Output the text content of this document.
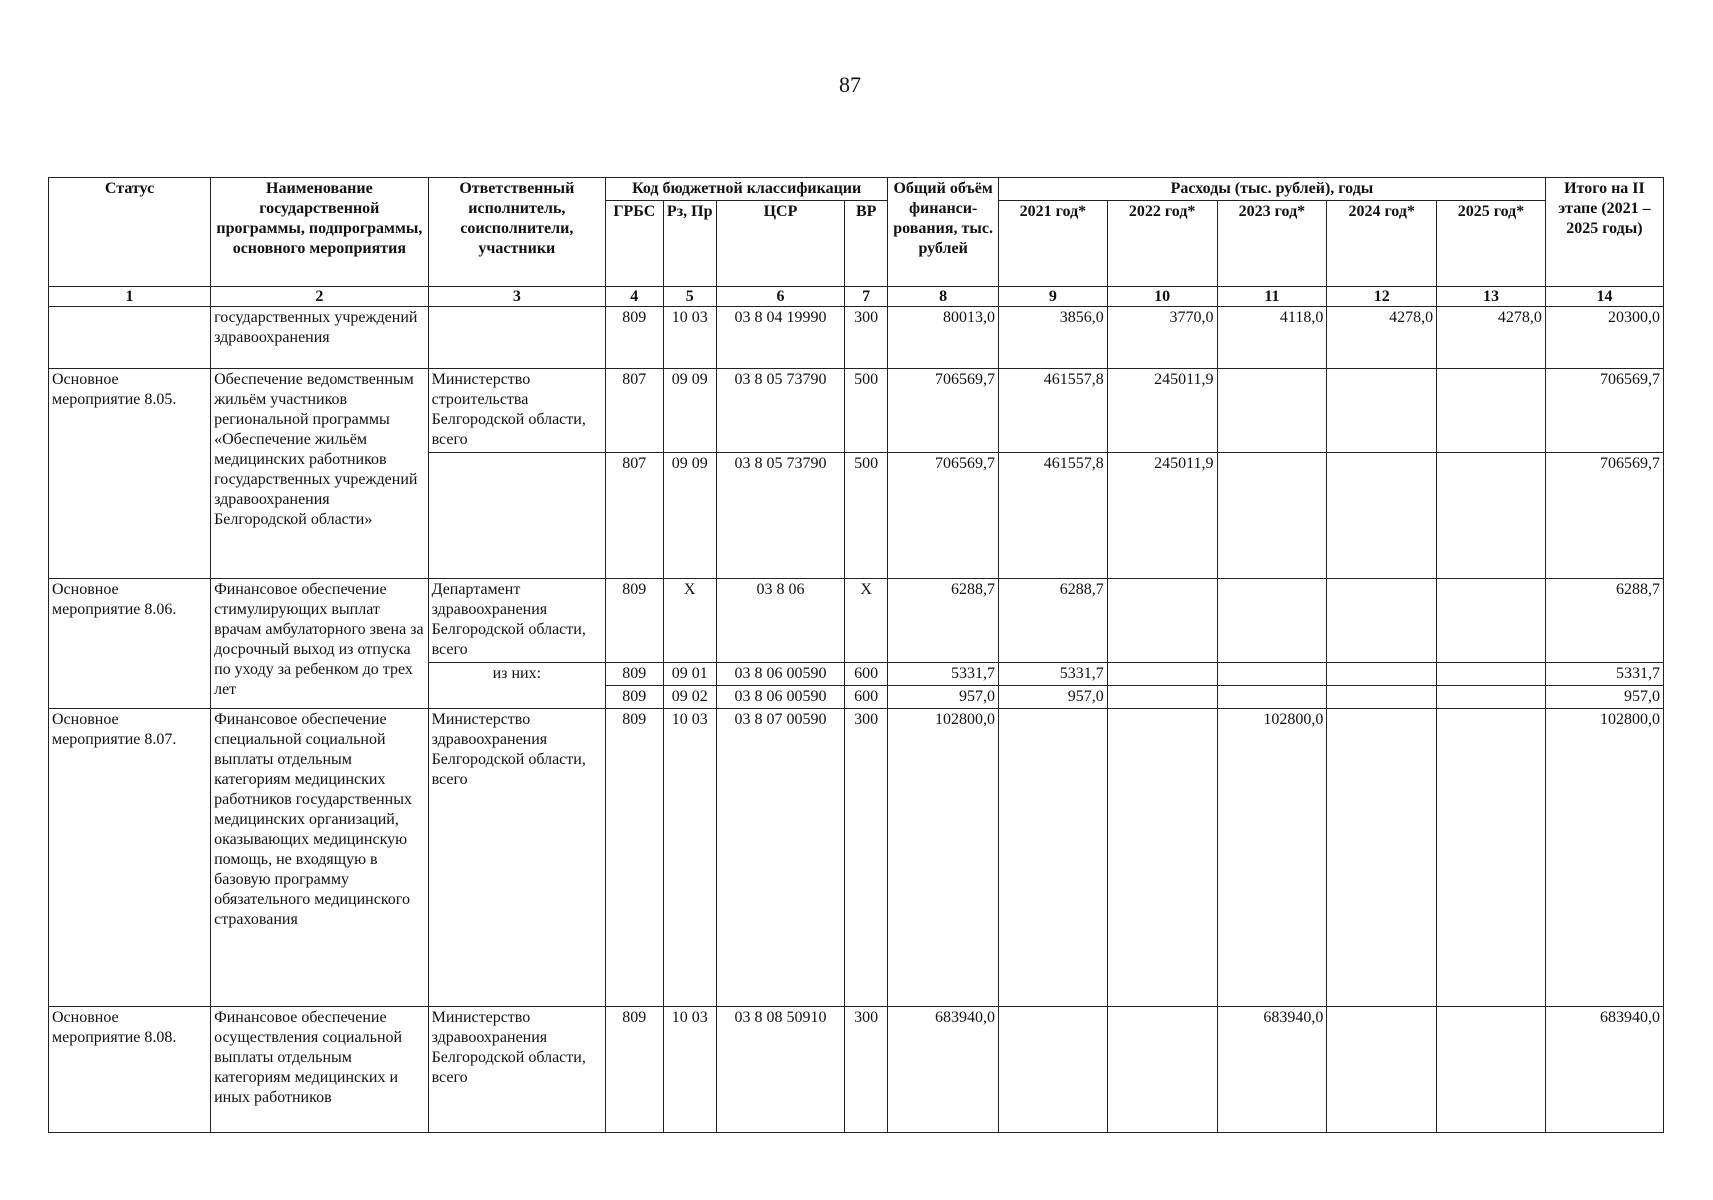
87
Статус	Наименование государственной программы, подпрограммы, основного мероприятия	Ответственный исполнитель, соисполнители, участники	Код бюджетной классификации				Общий объём финанси-рования, тыс. рублей	Расходы (тыс. рублей), годы					Итого на II этапе (2021 – 2025 годы)
			ГРБС	Рз, Пр	ЦСР	ВР		2021 год*	2022 год*	2023 год*	2024 год*	2025 год*	
1	2	3	4	5	6	7	8	9	10	11	12	13	14
	государственных учреждений здравоохранения		809	10 03	03 8 04 19990	300	80013,0	3856,0	3770,0	4118,0	4278,0	4278,0	20300,0
Основное мероприятие 8.05.	Обеспечение ведомственным жильём участников региональной программы «Обеспечение жильём медицинских работников государственных учреждений здравоохранения Белгородской области»	Министерство строительства Белгородской области, всего	807	09 09	03 8 05 73790	500	706569,7	461557,8	245011,9				706569,7
			807	09 09	03 8 05 73790	500	706569,7	461557,8	245011,9				706569,7
Основное мероприятие 8.06.	Финансовое обеспечение стимулирующих выплат врачам амбулаторного звена за досрочный выход из отпуска по уходу за ребенком до трех лет	Департамент здравоохранения Белгородской области, всего	809	Х	03 8 06	Х	6288,7	6288,7					6288,7
		из них:	809	09 01	03 8 06 00590	600	5331,7	5331,7					5331,7
			809	09 02	03 8 06 00590	600	957,0	957,0					957,0
Основное мероприятие 8.07.	Финансовое обеспечение специальной социальной выплаты отдельным категориям медицинских работников государственных медицинских организаций, оказывающих медицинскую помощь, не входящую в базовую программу обязательного медицинского страхования	Министерство здравоохранения Белгородской области, всего	809	10 03	03 8 07 00590	300	102800,0			102800,0			102800,0
Основное мероприятие 8.08.	Финансовое обеспечение осуществления социальной выплаты отдельным категориям медицинских и иных работников	Министерство здравоохранения Белгородской области, всего	809	10 03	03 8 08 50910	300	683940,0			683940,0			683940,0
